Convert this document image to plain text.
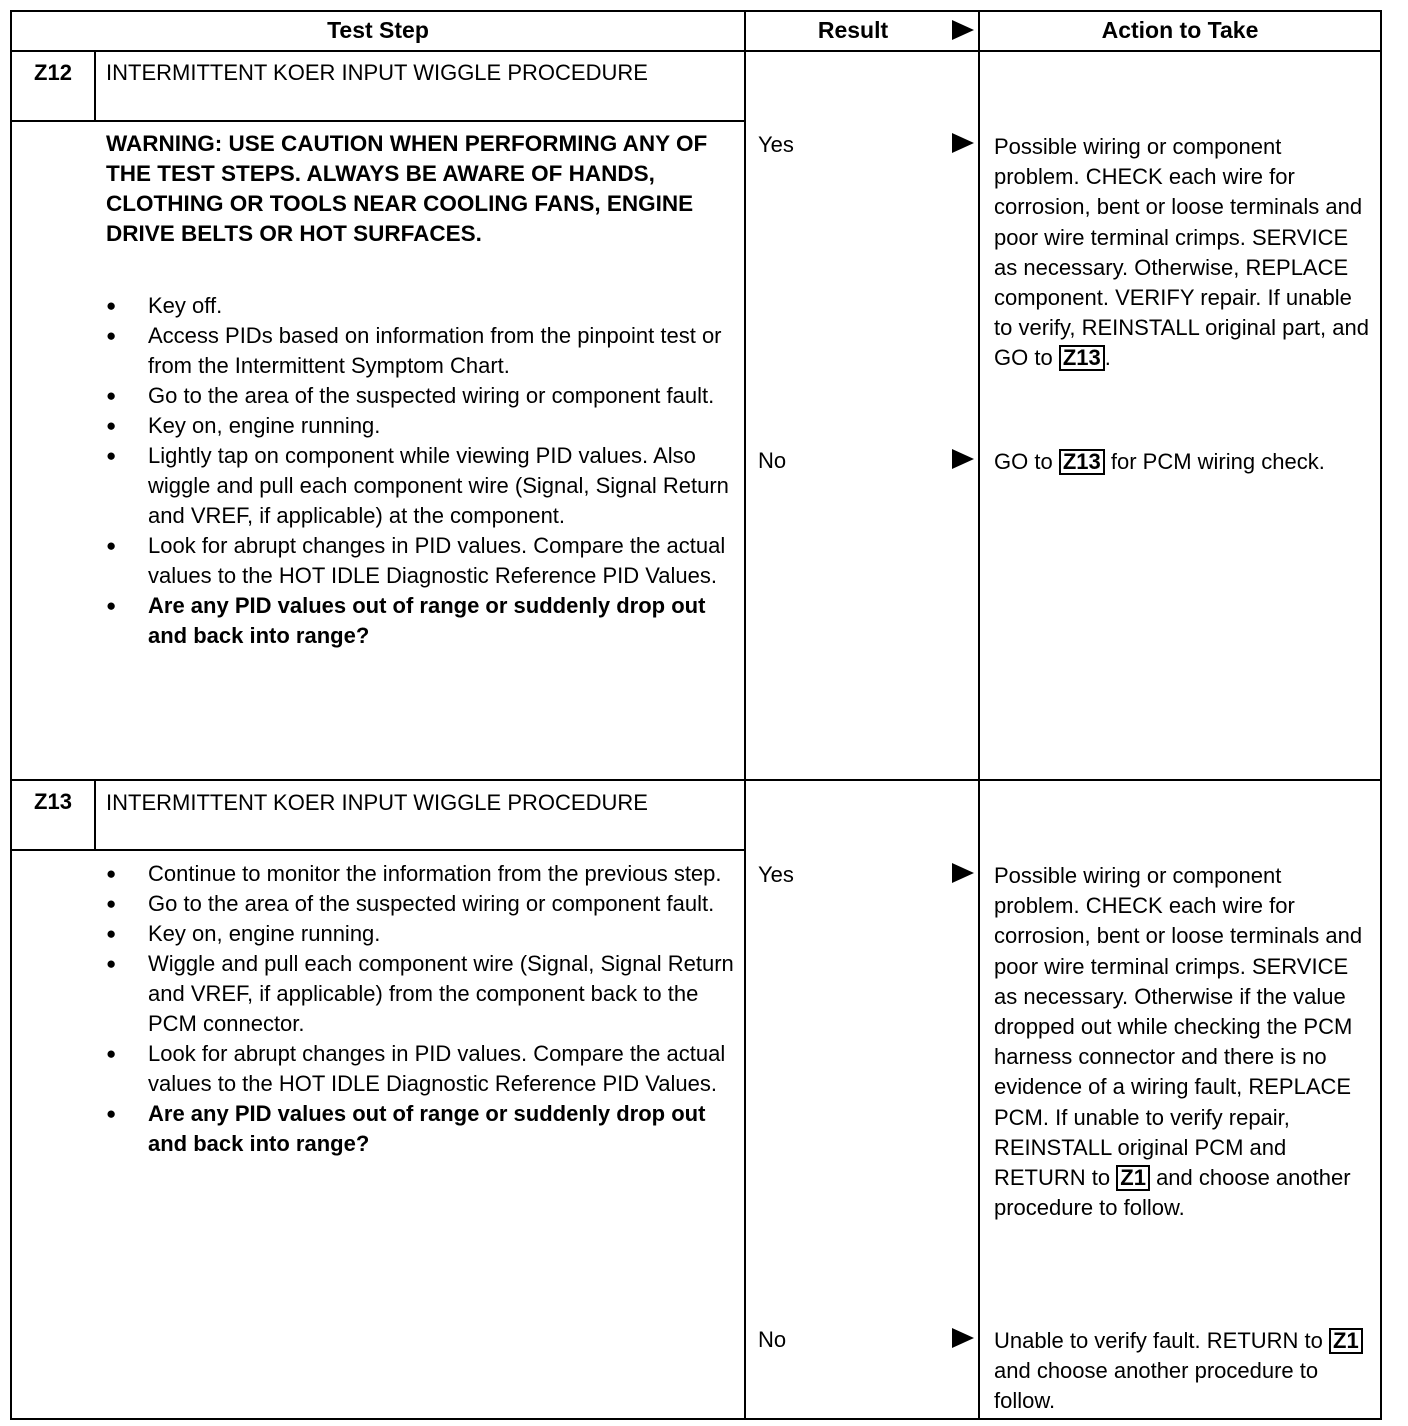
Test Step	Result	Action to Take
Z12	INTERMITTENT KOER INPUT WIGGLE PROCEDURE
WARNING: USE CAUTION WHEN PERFORMING ANY OF THE TEST STEPS. ALWAYS BE AWARE OF HANDS, CLOTHING OR TOOLS NEAR COOLING FANS, ENGINE DRIVE BELTS OR HOT SURFACES.
● Key off.
● Access PIDs based on information from the pinpoint test or from the Intermittent Symptom Chart.
● Go to the area of the suspected wiring or component fault.
● Key on, engine running.
● Lightly tap on component while viewing PID values. Also wiggle and pull each component wire (Signal, Signal Return and VREF, if applicable) at the component.
● Look for abrupt changes in PID values. Compare the actual values to the HOT IDLE Diagnostic Reference PID Values.
● Are any PID values out of range or suddenly drop out and back into range?
Yes	Possible wiring or component problem. CHECK each wire for corrosion, bent or loose terminals and poor wire terminal crimps. SERVICE as necessary. Otherwise, REPLACE component. VERIFY repair. If unable to verify, REINSTALL original part, and GO to Z13 .
No	GO to Z13 for PCM wiring check.
Z13	INTERMITTENT KOER INPUT WIGGLE PROCEDURE
● Continue to monitor the information from the previous step.
● Go to the area of the suspected wiring or component fault.
● Key on, engine running.
● Wiggle and pull each component wire (Signal, Signal Return and VREF, if applicable) from the component back to the PCM connector.
● Look for abrupt changes in PID values. Compare the actual values to the HOT IDLE Diagnostic Reference PID Values.
● Are any PID values out of range or suddenly drop out and back into range?
Yes	Possible wiring or component problem. CHECK each wire for corrosion, bent or loose terminals and poor wire terminal crimps. SERVICE as necessary. Otherwise if the value dropped out while checking the PCM harness connector and there is no evidence of a wiring fault, REPLACE PCM. If unable to verify repair, REINSTALL original PCM and RETURN to Z1 and choose another procedure to follow.
No	Unable to verify fault. RETURN to Z1 and choose another procedure to follow.
